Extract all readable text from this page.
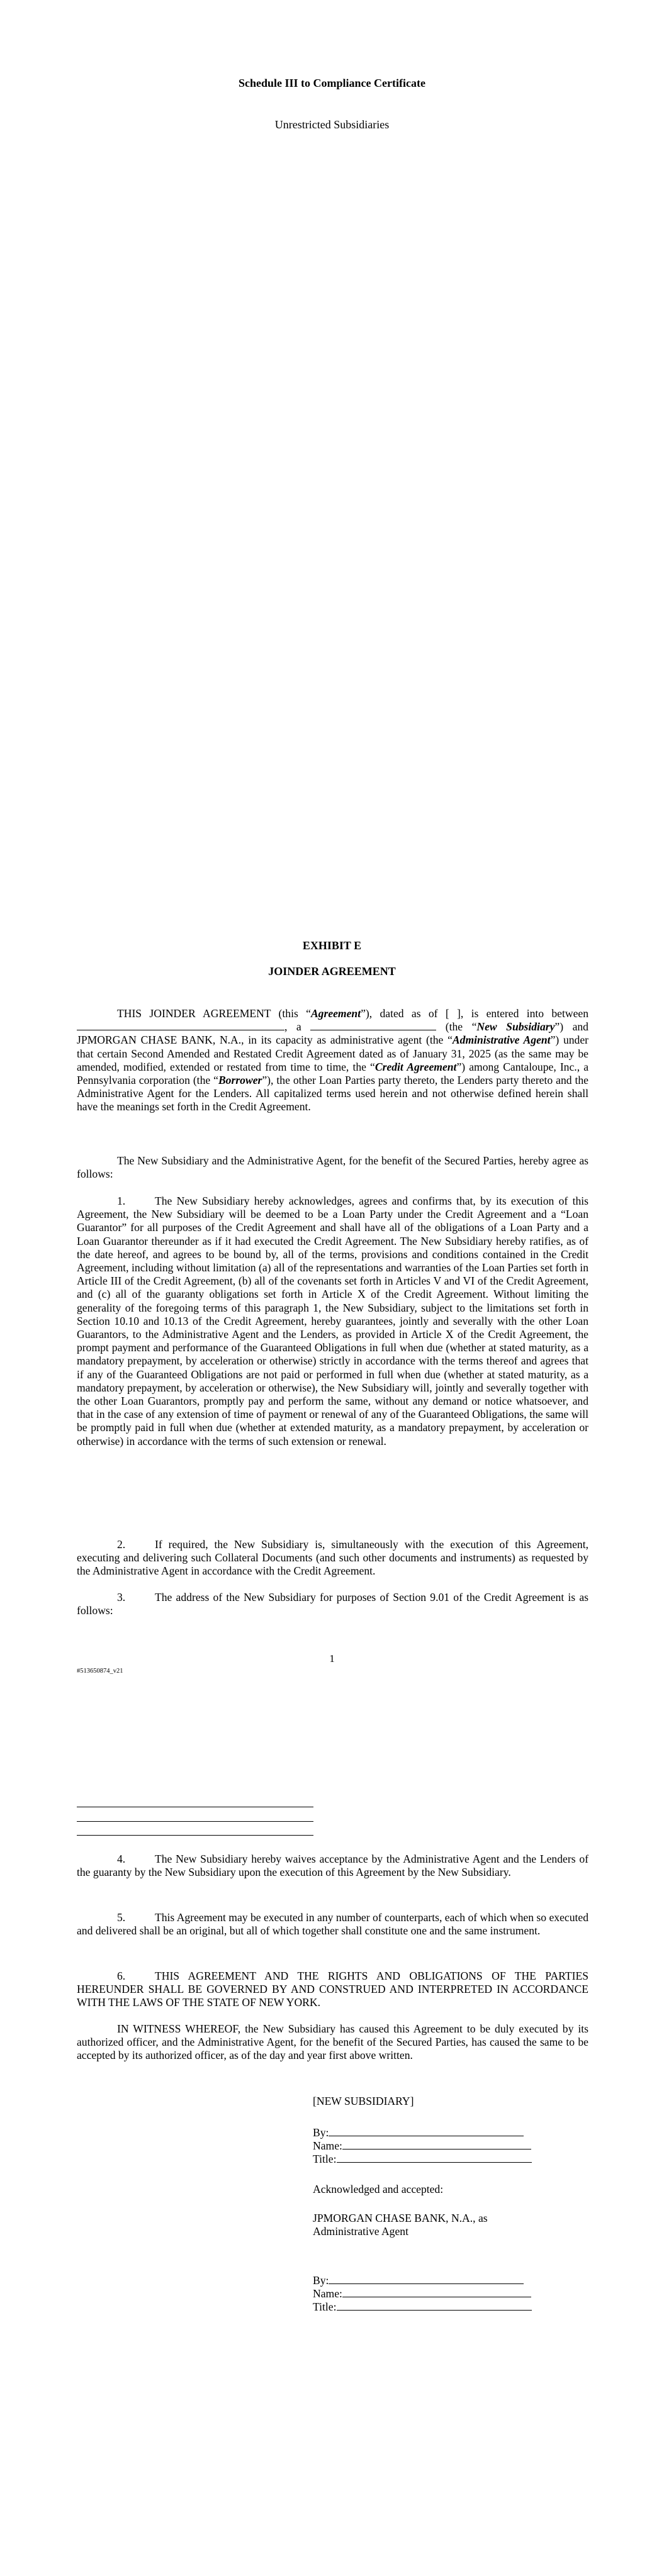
Schedule III to Compliance Certificate
Unrestricted Subsidiaries
EXHIBIT E
JOINDER AGREEMENT

THIS JOINDER AGREEMENT (this “Agreement”), dated as of [ ], is entered into between , a	(the “New Subsidiary”) and JPMORGAN CHASE BANK, N.A., in its capacity as administrative agent (the “Administrative Agent”) under that certain Second Amended and Restated Credit Agreement dated as of January 31, 2025 (as the same may be amended, modified, extended or restated from time to time, the “Credit Agreement”) among Cantaloupe, Inc., a Pennsylvania corporation (the “Borrower”), the other Loan Parties party thereto, the Lenders party thereto and the Administrative Agent for the Lenders. All capitalized terms used herein and not otherwise defined herein shall have the meanings set forth in the Credit Agreement.

The New Subsidiary and the Administrative Agent, for the benefit of the Secured Parties, hereby agree as follows:

1.	The New Subsidiary hereby acknowledges, agrees and confirms that, by its execution of this Agreement, the New Subsidiary will be deemed to be a Loan Party under the Credit Agreement and a “Loan Guarantor” for all purposes of the Credit Agreement and shall have all of the obligations of a Loan Party and a Loan Guarantor thereunder as if it had executed the Credit Agreement. The New Subsidiary hereby ratifies, as of the date hereof, and agrees to be bound by, all of the terms, provisions and conditions contained in the Credit Agreement, including without limitation (a) all of the representations and warranties of the Loan Parties set forth in Article III of the Credit Agreement, (b) all of the covenants set forth in Articles V and VI of the Credit Agreement, and (c) all of the guaranty obligations set forth in Article X of the Credit Agreement. Without limiting the generality of the foregoing terms of this paragraph 1, the New Subsidiary, subject to the limitations set forth in Section 10.10 and 10.13 of the Credit Agreement, hereby guarantees, jointly and severally with the other Loan Guarantors, to the Administrative Agent and the Lenders, as provided in Article X of the Credit Agreement, the prompt payment and performance of the Guaranteed Obligations in full when due (whether at stated maturity, as a mandatory prepayment, by acceleration or otherwise) strictly in accordance with the terms thereof and agrees that if any of the Guaranteed Obligations are not paid or performed in full when due (whether at stated maturity, as a mandatory prepayment, by acceleration or otherwise), the New Subsidiary will, jointly and severally together with the other Loan Guarantors, promptly pay and perform the same, without any demand or notice whatsoever, and that in the case of any extension of time of payment or renewal of any of the Guaranteed Obligations, the same will be promptly paid in full when due (whether at extended maturity, as a mandatory prepayment, by acceleration or otherwise) in accordance with the terms of such extension or renewal.

2.	If required, the New Subsidiary is, simultaneously with the execution of this Agreement, executing and delivering such Collateral Documents (and such other documents and instruments) as requested by the Administrative Agent in accordance with the Credit Agreement.

3.	The address of the New Subsidiary for purposes of Section 9.01 of the Credit Agreement is as follows:

1
#513650874_v21

4.	The New Subsidiary hereby waives acceptance by the Administrative Agent and the Lenders of the guaranty by the New Subsidiary upon the execution of this Agreement by the New Subsidiary.

5.	This Agreement may be executed in any number of counterparts, each of which when so executed and delivered shall be an original, but all of which together shall constitute one and the same instrument.

6.	THIS AGREEMENT AND THE RIGHTS AND OBLIGATIONS OF THE PARTIES HEREUNDER SHALL BE GOVERNED BY AND CONSTRUED AND INTERPRETED IN ACCORDANCE WITH THE LAWS OF THE STATE OF NEW YORK.

IN WITNESS WHEREOF, the New Subsidiary has caused this Agreement to be duly executed by its authorized officer, and the Administrative Agent, for the benefit of the Secured Parties, has caused the same to be accepted by its authorized officer, as of the day and year first above written.

[NEW SUBSIDIARY]
By:
Name:
Title:
Acknowledged and accepted:
JPMORGAN CHASE BANK, N.A., as
Administrative Agent
By:
Name:
Title:
